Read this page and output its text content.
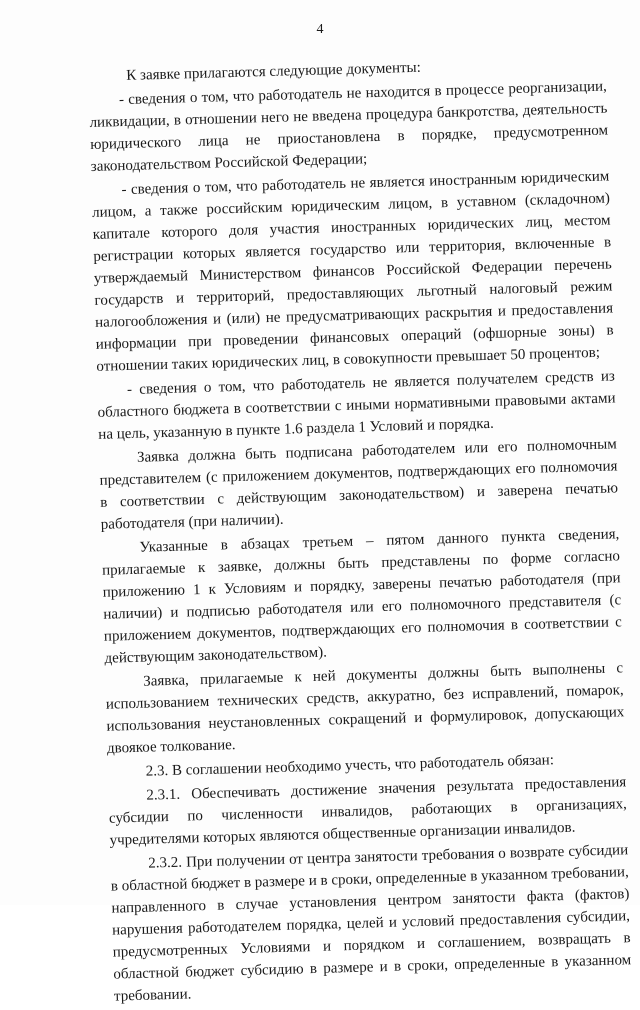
4

К заявке прилагаются следующие документы:

- сведения о том, что работодатель не находится в процессе реорганизации, ликвидации, в отношении него не введена процедура банкротства, деятельность юридического лица не приостановлена в порядке, предусмотренном законодательством Российской Федерации;

- сведения о том, что работодатель не является иностранным юридическим лицом, а также российским юридическим лицом, в уставном (складочном) капитале которого доля участия иностранных юридических лиц, местом регистрации которых является государство или территория, включенные в утверждаемый Министерством финансов Российской Федерации перечень государств и территорий, предоставляющих льготный налоговый режим налогообложения и (или) не предусматривающих раскрытия и предоставления информации при проведении финансовых операций (офшорные зоны) в отношении таких юридических лиц, в совокупности превышает 50 процентов;

- сведения о том, что работодатель не является получателем средств из областного бюджета в соответствии с иными нормативными правовыми актами на цель, указанную в пункте 1.6 раздела 1 Условий и порядка.

Заявка должна быть подписана работодателем или его полномочным представителем (с приложением документов, подтверждающих его полномочия в соответствии с действующим законодательством) и заверена печатью работодателя (при наличии).

Указанные в абзацах третьем – пятом данного пункта сведения, прилагаемые к заявке, должны быть представлены по форме согласно приложению 1 к Условиям и порядку, заверены печатью работодателя (при наличии) и подписью работодателя или его полномочного представителя (с приложением документов, подтверждающих его полномочия в соответствии с действующим законодательством).

Заявка, прилагаемые к ней документы должны быть выполнены с использованием технических средств, аккуратно, без исправлений, помарок, использования неустановленных сокращений и формулировок, допускающих двоякое толкование.

2.3. В соглашении необходимо учесть, что работодатель обязан:

2.3.1. Обеспечивать достижение значения результата предоставления субсидии по численности инвалидов, работающих в организациях, учредителями которых являются общественные организации инвалидов.

2.3.2. При получении от центра занятости требования о возврате субсидии в областной бюджет в размере и в сроки, определенные в указанном требовании, направленного в случае установления центром занятости факта (фактов) нарушения работодателем порядка, целей и условий предоставления субсидии, предусмотренных Условиями и порядком и соглашением, возвращать в областной бюджет субсидию в размере и в сроки, определенные в указанном требовании.
